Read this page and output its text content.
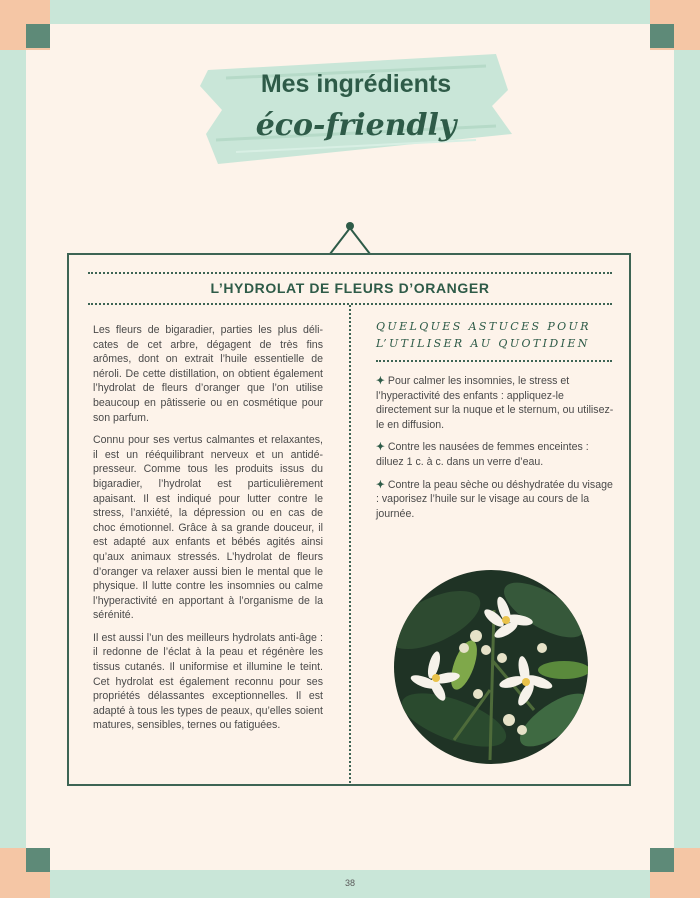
Mes ingrédients
éco-friendly
L’HYDROLAT DE FLEURS D’ORANGER

Les fleurs de bigaradier, parties les plus délicates de cet arbre, dégagent de très fins arômes, dont on extrait l’huile essentielle de néroli. De cette distillation, on obtient également l’hydrolat de fleurs d’oranger que l’on utilise beaucoup en pâtisserie ou en cosmétique pour son parfum.

Connu pour ses vertus calmantes et relaxantes, il est un rééquilibrant nerveux et un antidépresseur. Comme tous les produits issus du bigaradier, l’hydrolat est particulièrement apaisant. Il est indiqué pour lutter contre le stress, l’anxiété, la dépression ou en cas de choc émotionnel. Grâce à sa grande douceur, il est adapté aux enfants et bébés agités ainsi qu’aux animaux stressés. L’hydrolat de fleurs d’oranger va relaxer aussi bien le mental que le physique. Il lutte contre les insomnies ou calme l’hyperactivité en apportant à l’organisme de la sérénité.

Il est aussi l’un des meilleurs hydrolats anti-âge : il redonne de l’éclat à la peau et régénère les tissus cutanés. Il uniformise et illumine le teint. Cet hydrolat est également reconnu pour ses propriétés délassantes exceptionnelles. Il est adapté à tous les types de peaux, qu’elles soient matures, sensibles, ternes ou fatiguées.

QUELQUES ASTUCES POUR
L’UTILISER AU QUOTIDIEN
✦ Pour calmer les insomnies, le stress et l’hyperactivité des enfants : appliquez-le directement sur la nuque et le sternum, ou utilisez-le en diffusion.
✦ Contre les nausées de femmes enceintes : diluez 1 c. à c. dans un verre d’eau.
✦ Contre la peau sèche ou déshydratée du visage : vaporisez l’huile sur le visage au cours de la journée.
38
